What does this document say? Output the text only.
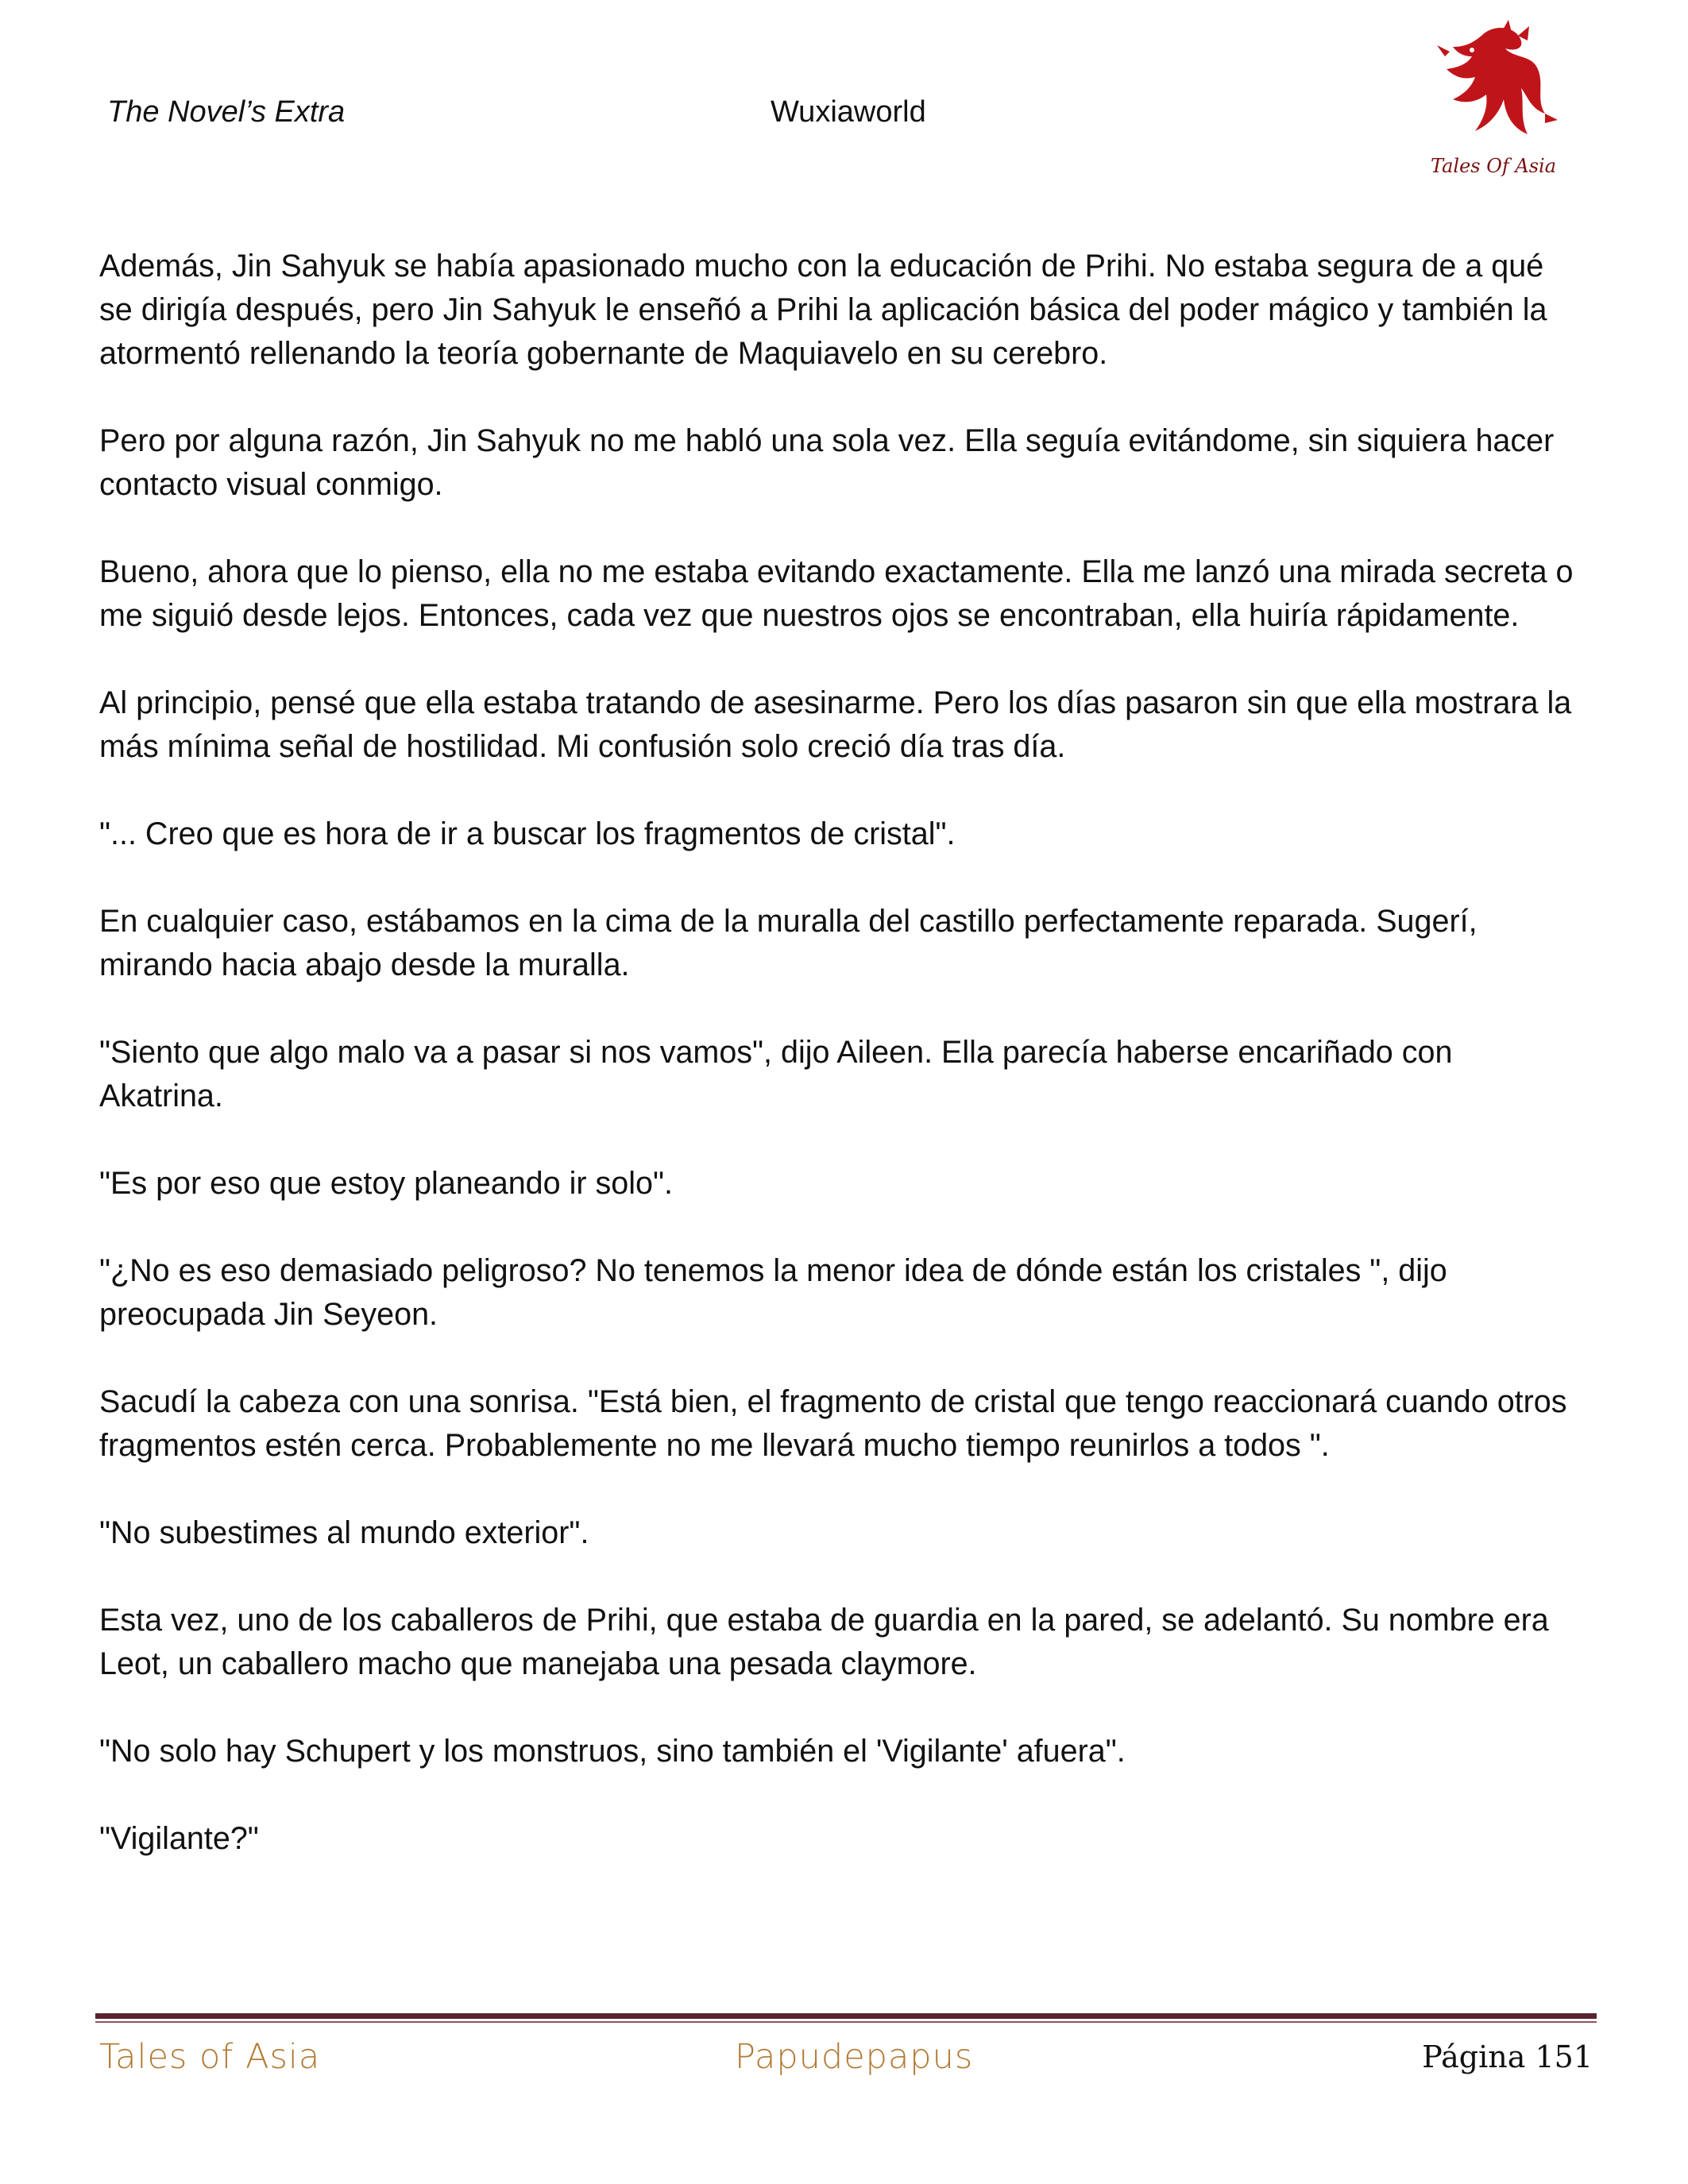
The Novel’s Extra	Wuxiaworld
Tales Of Asia

Además, Jin Sahyuk se había apasionado mucho con la educación de Prihi. No estaba segura de a qué se dirigía después, pero Jin Sahyuk le enseñó a Prihi la aplicación básica del poder mágico y también la atormentó rellenando la teoría gobernante de Maquiavelo en su cerebro.

Pero por alguna razón, Jin Sahyuk no me habló una sola vez. Ella seguía evitándome, sin siquiera hacer contacto visual conmigo.

Bueno, ahora que lo pienso, ella no me estaba evitando exactamente. Ella me lanzó una mirada secreta o me siguió desde lejos. Entonces, cada vez que nuestros ojos se encontraban, ella huiría rápidamente.

Al principio, pensé que ella estaba tratando de asesinarme. Pero los días pasaron sin que ella mostrara la más mínima señal de hostilidad. Mi confusión solo creció día tras día.

"... Creo que es hora de ir a buscar los fragmentos de cristal".

En cualquier caso, estábamos en la cima de la muralla del castillo perfectamente reparada. Sugerí, mirando hacia abajo desde la muralla.

"Siento que algo malo va a pasar si nos vamos", dijo Aileen. Ella parecía haberse encariñado con Akatrina.

"Es por eso que estoy planeando ir solo".

"¿No es eso demasiado peligroso? No tenemos la menor idea de dónde están los cristales ", dijo preocupada Jin Seyeon.

Sacudí la cabeza con una sonrisa. "Está bien, el fragmento de cristal que tengo reaccionará cuando otros fragmentos estén cerca. Probablemente no me llevará mucho tiempo reunirlos a todos ".

"No subestimes al mundo exterior".

Esta vez, uno de los caballeros de Prihi, que estaba de guardia en la pared, se adelantó. Su nombre era Leot, un caballero macho que manejaba una pesada claymore.

"No solo hay Schupert y los monstruos, sino también el 'Vigilante' afuera".

"Vigilante?"

Tales of Asia	Papudepapus	Página 151
